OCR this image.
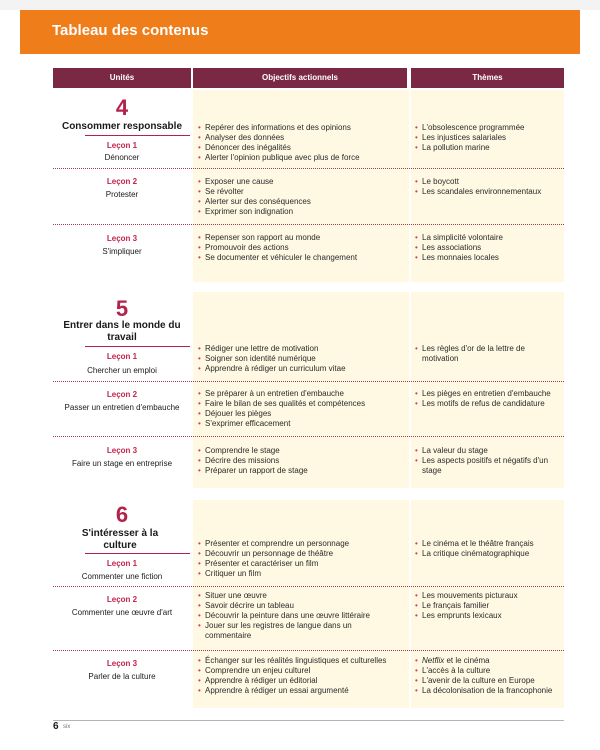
Tableau des contenus
Unités	Objectifs actionnels	Thèmes
4
Consommer responsable
Leçon 1
Dénoncer
• Repérer des informations et des opinions
• Analyser des données
• Dénoncer des inégalités
• Alerter l'opinion publique avec plus de force
• L'obsolescence programmée
• Les injustices salariales
• La pollution marine
Leçon 2
Protester
• Exposer une cause
• Se révolter
• Alerter sur des conséquences
• Exprimer son indignation
• Le boycott
• Les scandales environnementaux
Leçon 3
S'impliquer
• Repenser son rapport au monde
• Promouvoir des actions
• Se documenter et véhiculer le changement
• La simplicité volontaire
• Les associations
• Les monnaies locales
5
Entrer dans le monde du travail
Leçon 1
Chercher un emploi
• Rédiger une lettre de motivation
• Soigner son identité numérique
• Apprendre à rédiger un curriculum vitae
• Les règles d'or de la lettre de motivation
Leçon 2
Passer un entretien d'embauche
• Se préparer à un entretien d'embauche
• Faire le bilan de ses qualités et compétences
• Déjouer les pièges
• S'exprimer efficacement
• Les pièges en entretien d'embauche
• Les motifs de refus de candidature
Leçon 3
Faire un stage en entreprise
• Comprendre le stage
• Décrire des missions
• Préparer un rapport de stage
• La valeur du stage
• Les aspects positifs et négatifs d'un stage
6
S'intéresser à la culture
Leçon 1
Commenter une fiction
• Présenter et comprendre un personnage
• Découvrir un personnage de théâtre
• Présenter et caractériser un film
• Critiquer un film
• Le cinéma et le théâtre français
• La critique cinématographique
Leçon 2
Commenter une œuvre d'art
• Situer une œuvre
• Savoir décrire un tableau
• Découvrir la peinture dans une œuvre littéraire
• Jouer sur les registres de langue dans un commentaire
• Les mouvements picturaux
• Le français familier
• Les emprunts lexicaux
Leçon 3
Parler de la culture
• Échanger sur les réalités linguistiques et culturelles
• Comprendre un enjeu culturel
• Apprendre à rédiger un éditorial
• Apprendre à rédiger un essai argumenté
• Netflix et le cinéma
• L'accès à la culture
• L'avenir de la culture en Europe
• La décolonisation de la francophonie
6 six
